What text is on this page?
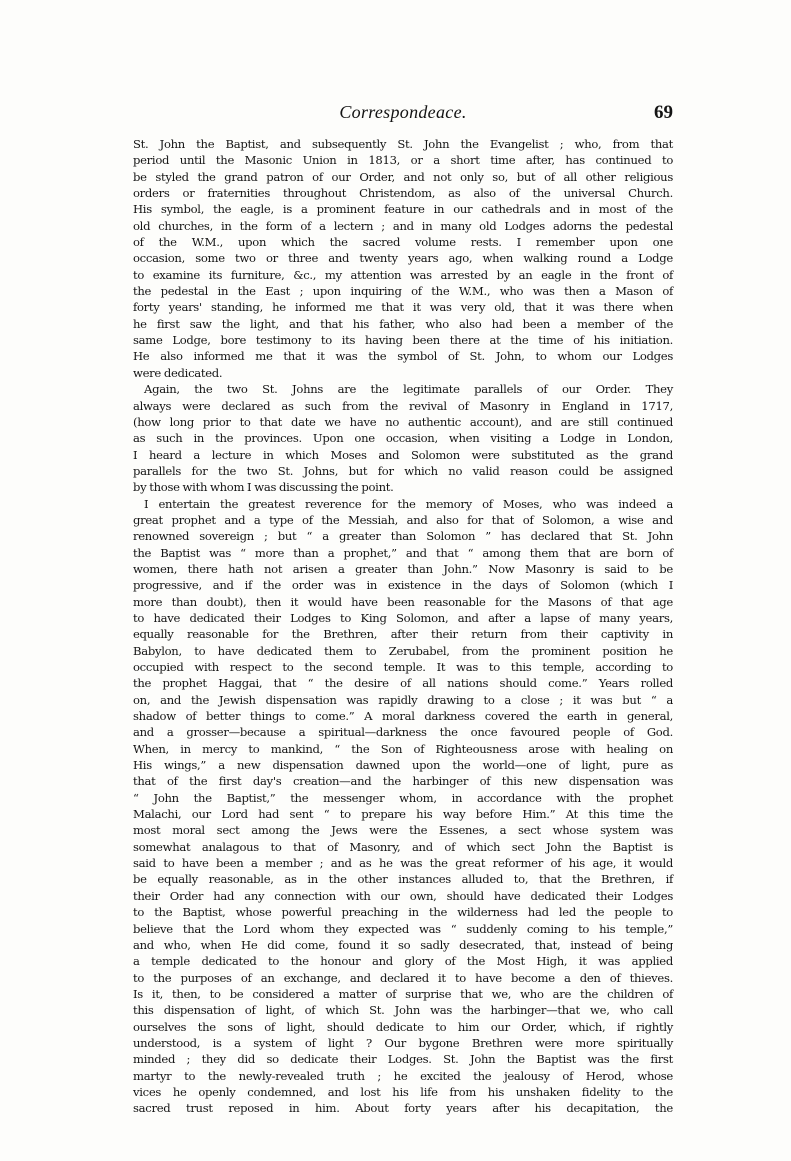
Correspondeace.	69
St. John the Baptist, and subsequently St. John the Evangelist ; who, from that
period until the Masonic Union in 1813, or a short time after, has continued to
be styled the grand patron of our Order, and not only so, but of all other religious
orders or fraternities throughout Christendom, as also of the universal Church.
His symbol, the eagle, is a prominent feature in our cathedrals and in most of the
old churches, in the form of a lectern ; and in many old Lodges adorns the pedestal
of the W.M., upon which the sacred volume rests. I remember upon one
occasion, some two or three and twenty years ago, when walking round a Lodge
to examine its furniture, &c., my attention was arrested by an eagle in the front of
the pedestal in the East ; upon inquiring of the W.M., who was then a Mason of
forty years' standing, he informed me that it was very old, that it was there when
he first saw the light, and that his father, who also had been a member of the
same Lodge, bore testimony to its having been there at the time of his initiation.
He also informed me that it was the symbol of St. John, to whom our Lodges
were dedicated.
Again, the two St. Johns are the legitimate parallels of our Order. They
always were declared as such from the revival of Masonry in England in 1717,
(how long prior to that date we have no authentic account), and are still continued
as such in the provinces. Upon one occasion, when visiting a Lodge in London,
I heard a lecture in which Moses and Solomon were substituted as the grand
parallels for the two St. Johns, but for which no valid reason could be assigned
by those with whom I was discussing the point.
I entertain the greatest reverence for the memory of Moses, who was indeed a
great prophet and a type of the Messiah, and also for that of Solomon, a wise and
renowned sovereign ; but “ a greater than Solomon ” has declared that St. John
the Baptist was “ more than a prophet,” and that “ among them that are born of
women, there hath not arisen a greater than John.” Now Masonry is said to be
progressive, and if the order was in existence in the days of Solomon (which I
more than doubt), then it would have been reasonable for the Masons of that age
to have dedicated their Lodges to King Solomon, and after a lapse of many years,
equally reasonable for the Brethren, after their return from their captivity in
Babylon, to have dedicated them to Zerubabel, from the prominent position he
occupied with respect to the second temple. It was to this temple, according to
the prophet Haggai, that “ the desire of all nations should come.” Years rolled
on, and the Jewish dispensation was rapidly drawing to a close ; it was but “ a
shadow of better things to come.” A moral darkness covered the earth in general,
and a grosser—because a spiritual—darkness the once favoured people of God.
When, in mercy to mankind, “ the Son of Righteousness arose with healing on
His wings,” a new dispensation dawned upon the world—one of light, pure as
that of the first day's creation—and the harbinger of this new dispensation was
“ John the Baptist,” the messenger whom, in accordance with the prophet
Malachi, our Lord had sent “ to prepare his way before Him.” At this time the
most moral sect among the Jews were the Essenes, a sect whose system was
somewhat analagous to that of Masonry, and of which sect John the Baptist is
said to have been a member ; and as he was the great reformer of his age, it would
be equally reasonable, as in the other instances alluded to, that the Brethren, if
their Order had any connection with our own, should have dedicated their Lodges
to the Baptist, whose powerful preaching in the wilderness had led the people to
believe that the Lord whom they expected was “ suddenly coming to his temple,”
and who, when He did come, found it so sadly desecrated, that, instead of being
a temple dedicated to the honour and glory of the Most High, it was applied
to the purposes of an exchange, and declared it to have become a den of thieves.
Is it, then, to be considered a matter of surprise that we, who are the children of
this dispensation of light, of which St. John was the harbinger—that we, who call
ourselves the sons of light, should dedicate to him our Order, which, if rightly
understood, is a system of light ? Our bygone Brethren were more spiritually
minded ; they did so dedicate their Lodges. St. John the Baptist was the first
martyr to the newly-revealed truth ; he excited the jealousy of Herod, whose
vices he openly condemned, and lost his life from his unshaken fidelity to the
sacred trust reposed in him. About forty years after his decapitation, the
